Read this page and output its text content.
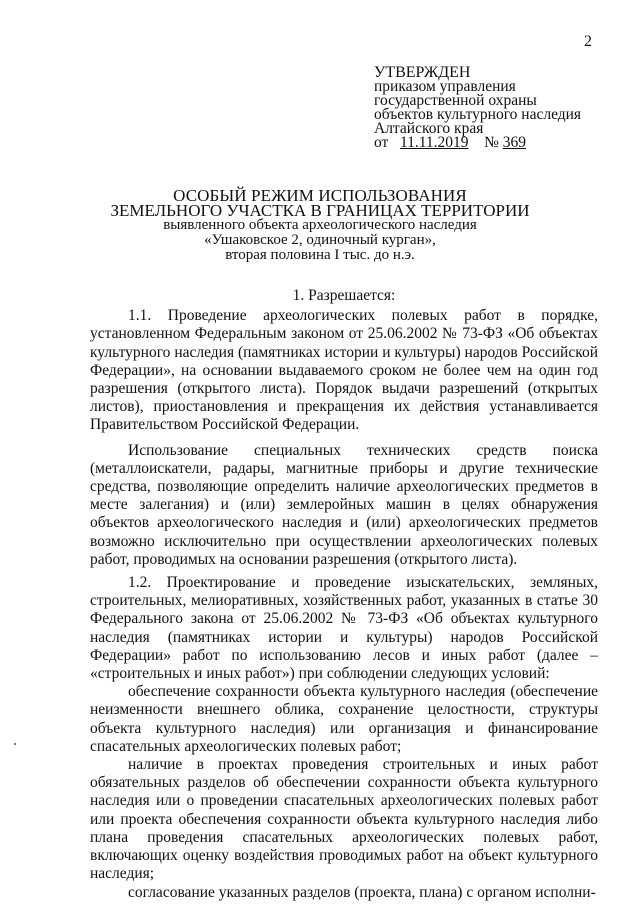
2
УТВЕРЖДЕН
приказом управления
государственной охраны
объектов культурного наследия
Алтайского края
от 11.11.2019 № 369
ОСОБЫЙ РЕЖИМ ИСПОЛЬЗОВАНИЯ
ЗЕМЕЛЬНОГО УЧАСТКА В ГРАНИЦАХ ТЕРРИТОРИИ
выявленного объекта археологического наследия
«Ушаковское 2, одиночный курган»,
вторая половина I тыс. до н.э.

1. Разрешается:

1.1. Проведение археологических полевых работ в порядке, установленном Федеральным законом от 25.06.2002 № 73-ФЗ «Об объектах культурного наследия (памятниках истории и культуры) народов Российской Федерации», на основании выдаваемого сроком не более чем на один год разрешения (открытого листа). Порядок выдачи разрешений (открытых листов), приостановления и прекращения их действия устанавливается Правительством Российской Федерации.

Использование специальных технических средств поиска (металлоискатели, радары, магнитные приборы и другие технические средства, позволяющие определить наличие археологических предметов в месте залегания) и (или) землеройных машин в целях обнаружения объектов археологического наследия и (или) археологических предметов возможно исключительно при осуществлении археологических полевых работ, проводимых на основании разрешения (открытого листа).

1.2. Проектирование и проведение изыскательских, земляных, строительных, мелиоративных, хозяйственных работ, указанных в статье 30 Федерального закона от 25.06.2002 № 73-ФЗ «Об объектах культурного наследия (памятниках истории и культуры) народов Российской Федерации» работ по использованию лесов и иных работ (далее – «строительных и иных работ») при соблюдении следующих условий:

обеспечение сохранности объекта культурного наследия (обеспечение неизменности внешнего облика, сохранение целостности, структуры объекта культурного наследия) или организация и финансирование спасательных археологических полевых работ;

наличие в проектах проведения строительных и иных работ обязательных разделов об обеспечении сохранности объекта культурного наследия или о проведении спасательных археологических полевых работ или проекта обеспечения сохранности объекта культурного наследия либо плана проведения спасательных археологических полевых работ, включающих оценку воздействия проводимых работ на объект культурного наследия;

согласование указанных разделов (проекта, плана) с органом исполни-
